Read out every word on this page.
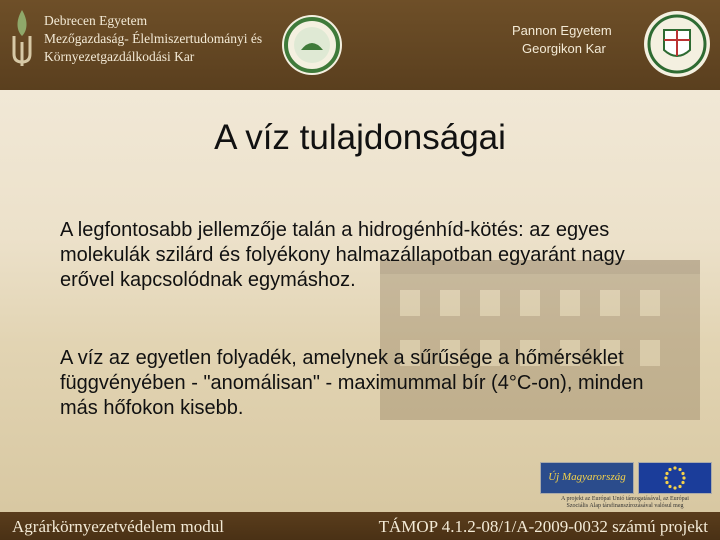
Debrecen Egyetem
Mezőgazdaság- Élelmiszertudományi és
Környezetgazdálkodási Kar
Pannon Egyetem
Georgikon Kar
A víz tulajdonságai
A legfontosabb jellemzője talán a hidrogénhíd-kötés: az egyes molekulák szilárd és folyékony halmazállapotban egyaránt nagy erővel kapcsolódnak egymáshoz.
A víz az egyetlen folyadék, amelynek a sűrűsége a hőmérséklet függvényében - "anomálisan" - maximummal bír (4°C-on), minden más hőfokon kisebb.
Új Magyarország
A projekt az Európai Unió támogatásával, az Európai
Szociális Alap társfinanszírozásával valósul meg
Agrárkörnyezetvédelem modul	TÁMOP 4.1.2-08/1/A-2009-0032 számú projekt
